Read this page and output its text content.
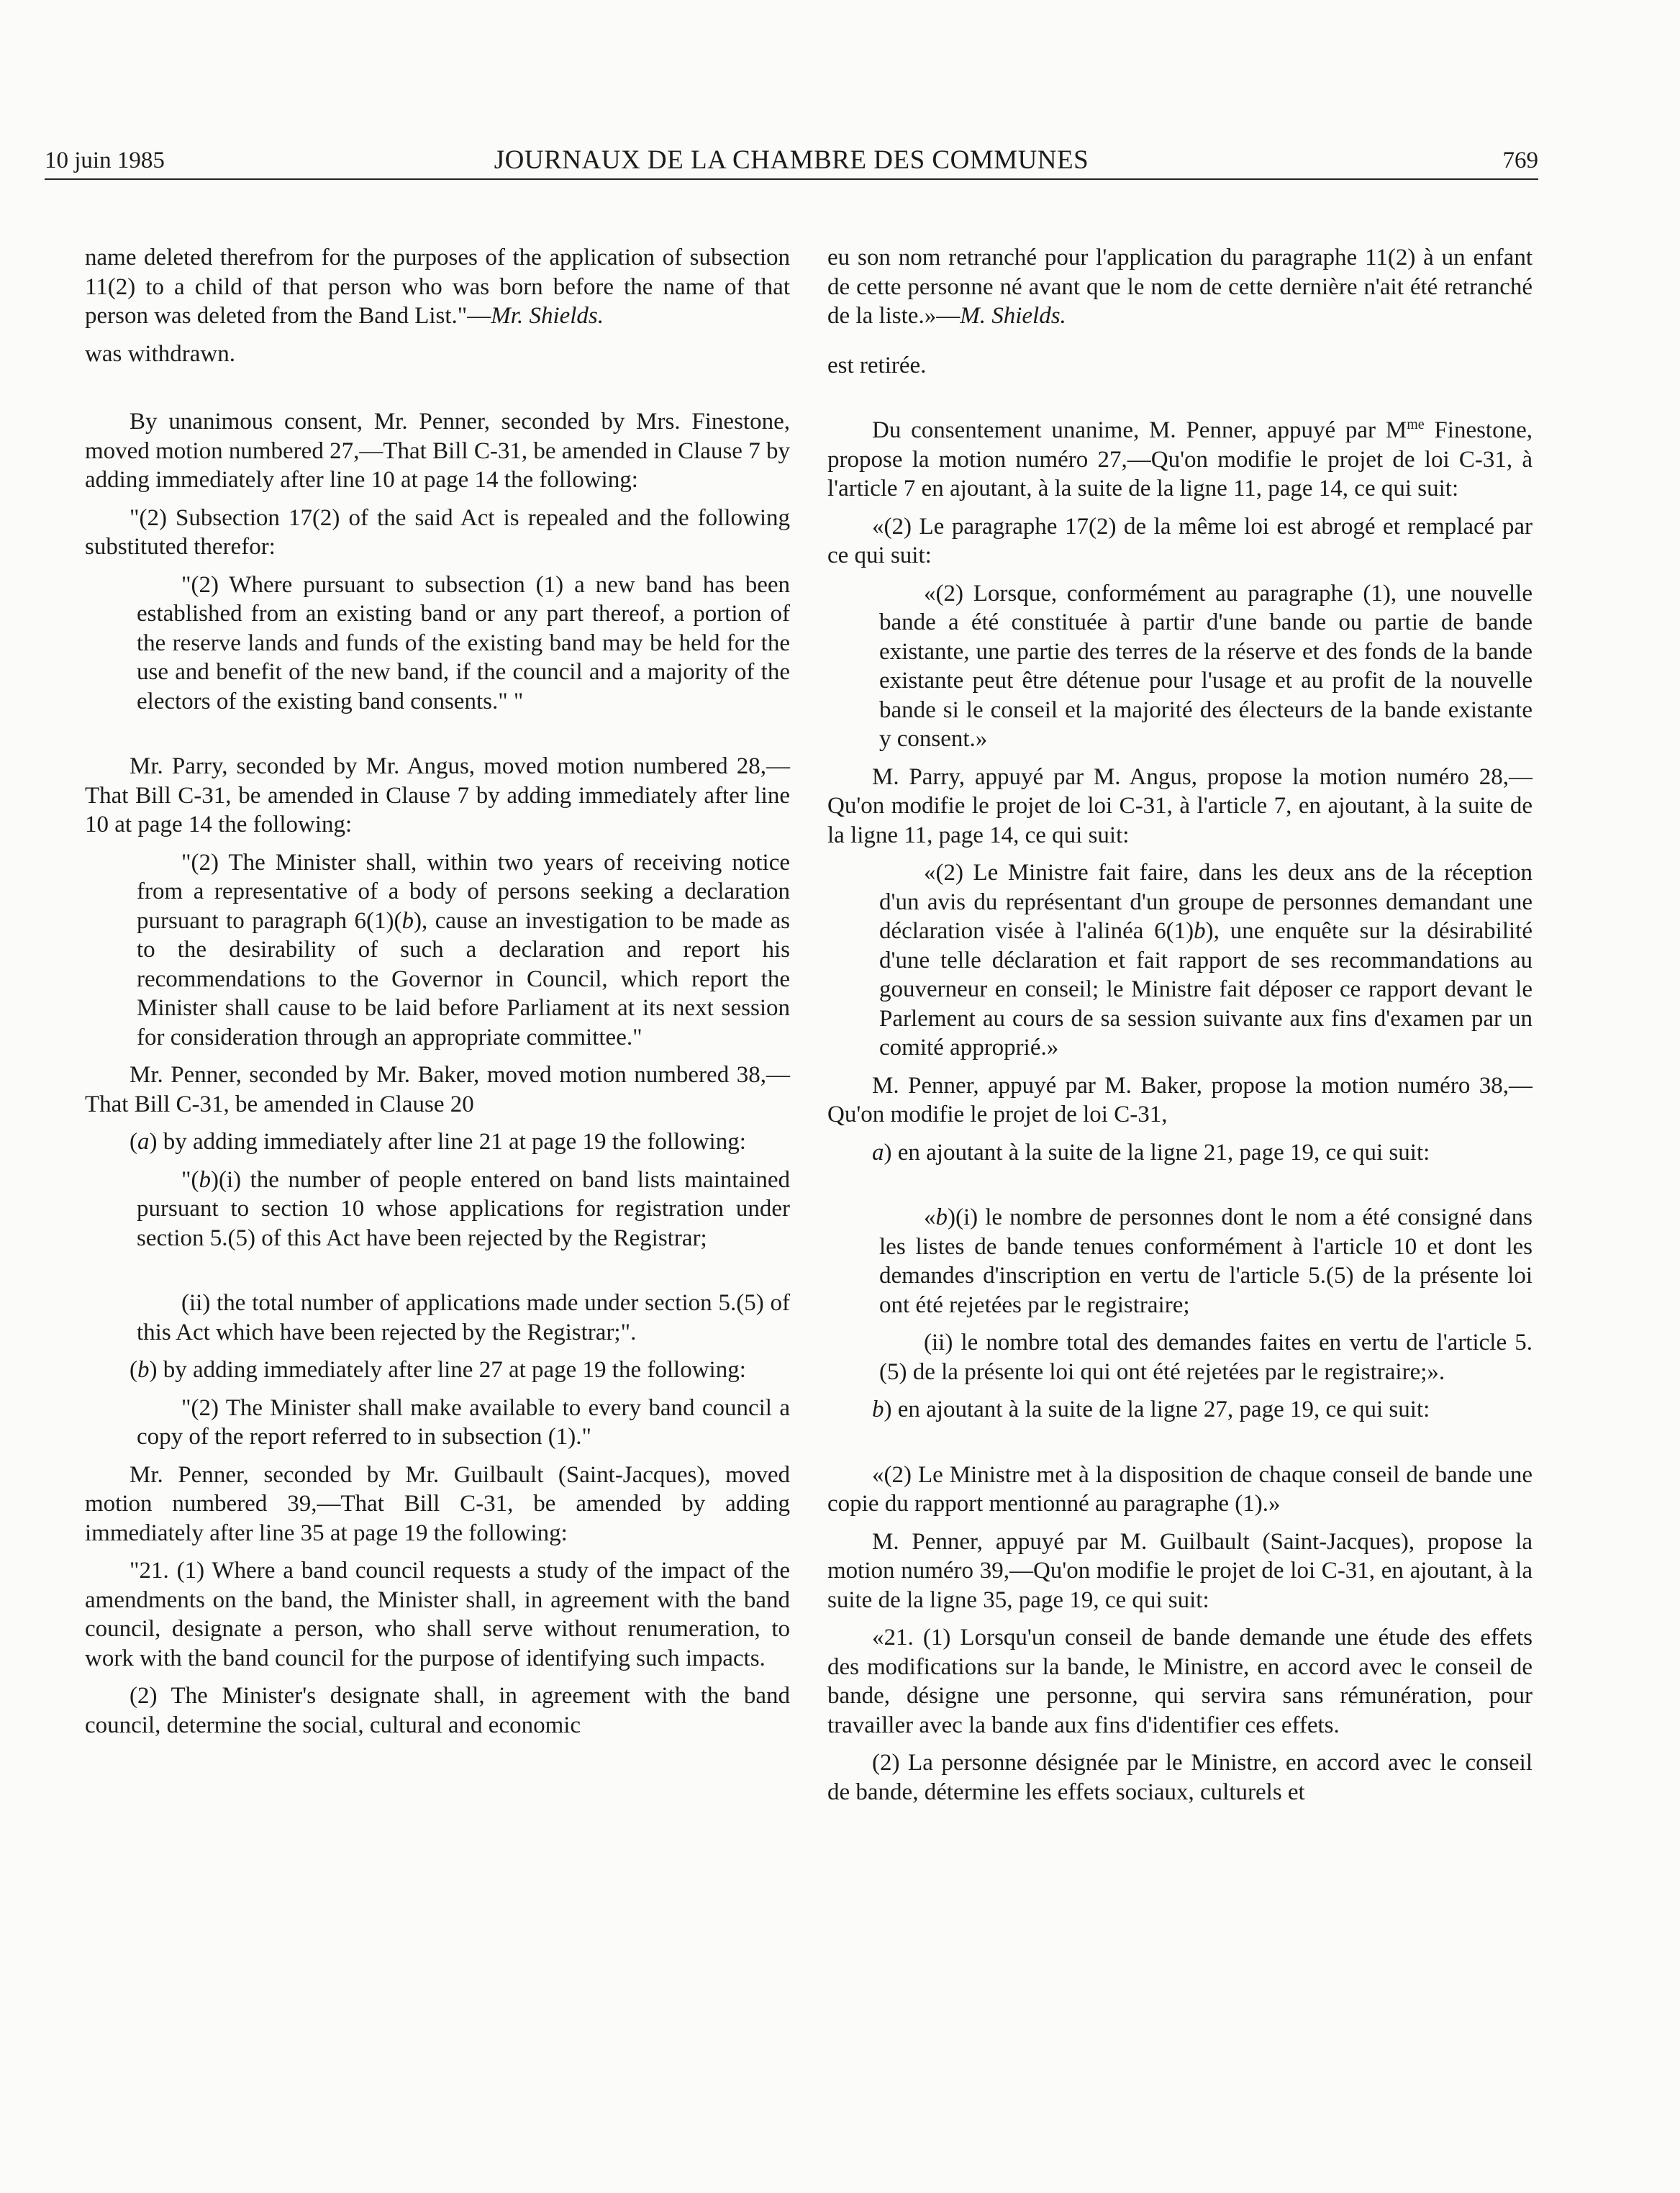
10 juin 1985	JOURNAUX DE LA CHAMBRE DES COMMUNES	769

name deleted therefrom for the purposes of the application of subsection 11(2) to a child of that person who was born before the name of that person was deleted from the Band List."—Mr. Shields.

was withdrawn.

By unanimous consent, Mr. Penner, seconded by Mrs. Finestone, moved motion numbered 27,—That Bill C-31, be amended in Clause 7 by adding immediately after line 10 at page 14 the following:

"(2) Subsection 17(2) of the said Act is repealed and the following substituted therefor:

"(2) Where pursuant to subsection (1) a new band has been established from an existing band or any part thereof, a portion of the reserve lands and funds of the existing band may be held for the use and benefit of the new band, if the council and a majority of the electors of the existing band consents." "

Mr. Parry, seconded by Mr. Angus, moved motion numbered 28,—That Bill C-31, be amended in Clause 7 by adding immediately after line 10 at page 14 the following:

"(2) The Minister shall, within two years of receiving notice from a representative of a body of persons seeking a declaration pursuant to paragraph 6(1)(b), cause an investigation to be made as to the desirability of such a declaration and report his recommendations to the Governor in Council, which report the Minister shall cause to be laid before Parliament at its next session for consideration through an appropriate committee."

Mr. Penner, seconded by Mr. Baker, moved motion numbered 38,—That Bill C-31, be amended in Clause 20

(a) by adding immediately after line 21 at page 19 the following:

"(b)(i) the number of people entered on band lists maintained pursuant to section 10 whose applications for registration under section 5.(5) of this Act have been rejected by the Registrar;

(ii) the total number of applications made under section 5.(5) of this Act which have been rejected by the Registrar;".

(b) by adding immediately after line 27 at page 19 the following:

"(2) The Minister shall make available to every band council a copy of the report referred to in subsection (1)."

Mr. Penner, seconded by Mr. Guilbault (Saint-Jacques), moved motion numbered 39,—That Bill C-31, be amended by adding immediately after line 35 at page 19 the following:

"21. (1) Where a band council requests a study of the impact of the amendments on the band, the Minister shall, in agreement with the band council, designate a person, who shall serve without renumeration, to work with the band council for the purpose of identifying such impacts.

(2) The Minister's designate shall, in agreement with the band council, determine the social, cultural and economic

eu son nom retranché pour l'application du paragraphe 11(2) à un enfant de cette personne né avant que le nom de cette dernière n'ait été retranché de la liste.»—M. Shields.

est retirée.

Du consentement unanime, M. Penner, appuyé par $M^{me}$ Finestone, propose la motion numéro 27,—Qu'on modifie le projet de loi C-31, à l'article 7 en ajoutant, à la suite de la ligne 11, page 14, ce qui suit:

«(2) Le paragraphe 17(2) de la même loi est abrogé et remplacé par ce qui suit:

«(2) Lorsque, conformément au paragraphe (1), une nouvelle bande a été constituée à partir d'une bande ou partie de bande existante, une partie des terres de la réserve et des fonds de la bande existante peut être détenue pour l'usage et au profit de la nouvelle bande si le conseil et la majorité des électeurs de la bande existante y consent.»

M. Parry, appuyé par M. Angus, propose la motion numéro 28,—Qu'on modifie le projet de loi C-31, à l'article 7, en ajoutant, à la suite de la ligne 11, page 14, ce qui suit:

«(2) Le Ministre fait faire, dans les deux ans de la réception d'un avis du représentant d'un groupe de personnes demandant une déclaration visée à l'alinéa 6(1)b), une enquête sur la désirabilité d'une telle déclaration et fait rapport de ses recommandations au gouverneur en conseil; le Ministre fait déposer ce rapport devant le Parlement au cours de sa session suivante aux fins d'examen par un comité approprié.»

M. Penner, appuyé par M. Baker, propose la motion numéro 38,—Qu'on modifie le projet de loi C-31,

a) en ajoutant à la suite de la ligne 21, page 19, ce qui suit:

«b)(i) le nombre de personnes dont le nom a été consigné dans les listes de bande tenues conformément à l'article 10 et dont les demandes d'inscription en vertu de l'article 5.(5) de la présente loi ont été rejetées par le registraire;

(ii) le nombre total des demandes faites en vertu de l'article 5.(5) de la présente loi qui ont été rejetées par le registraire;».

b) en ajoutant à la suite de la ligne 27, page 19, ce qui suit:

«(2) Le Ministre met à la disposition de chaque conseil de bande une copie du rapport mentionné au paragraphe (1).»

M. Penner, appuyé par M. Guilbault (Saint-Jacques), propose la motion numéro 39,—Qu'on modifie le projet de loi C-31, en ajoutant, à la suite de la ligne 35, page 19, ce qui suit:

«21. (1) Lorsqu'un conseil de bande demande une étude des effets des modifications sur la bande, le Ministre, en accord avec le conseil de bande, désigne une personne, qui servira sans rémunération, pour travailler avec la bande aux fins d'identifier ces effets.

(2) La personne désignée par le Ministre, en accord avec le conseil de bande, détermine les effets sociaux, culturels et
